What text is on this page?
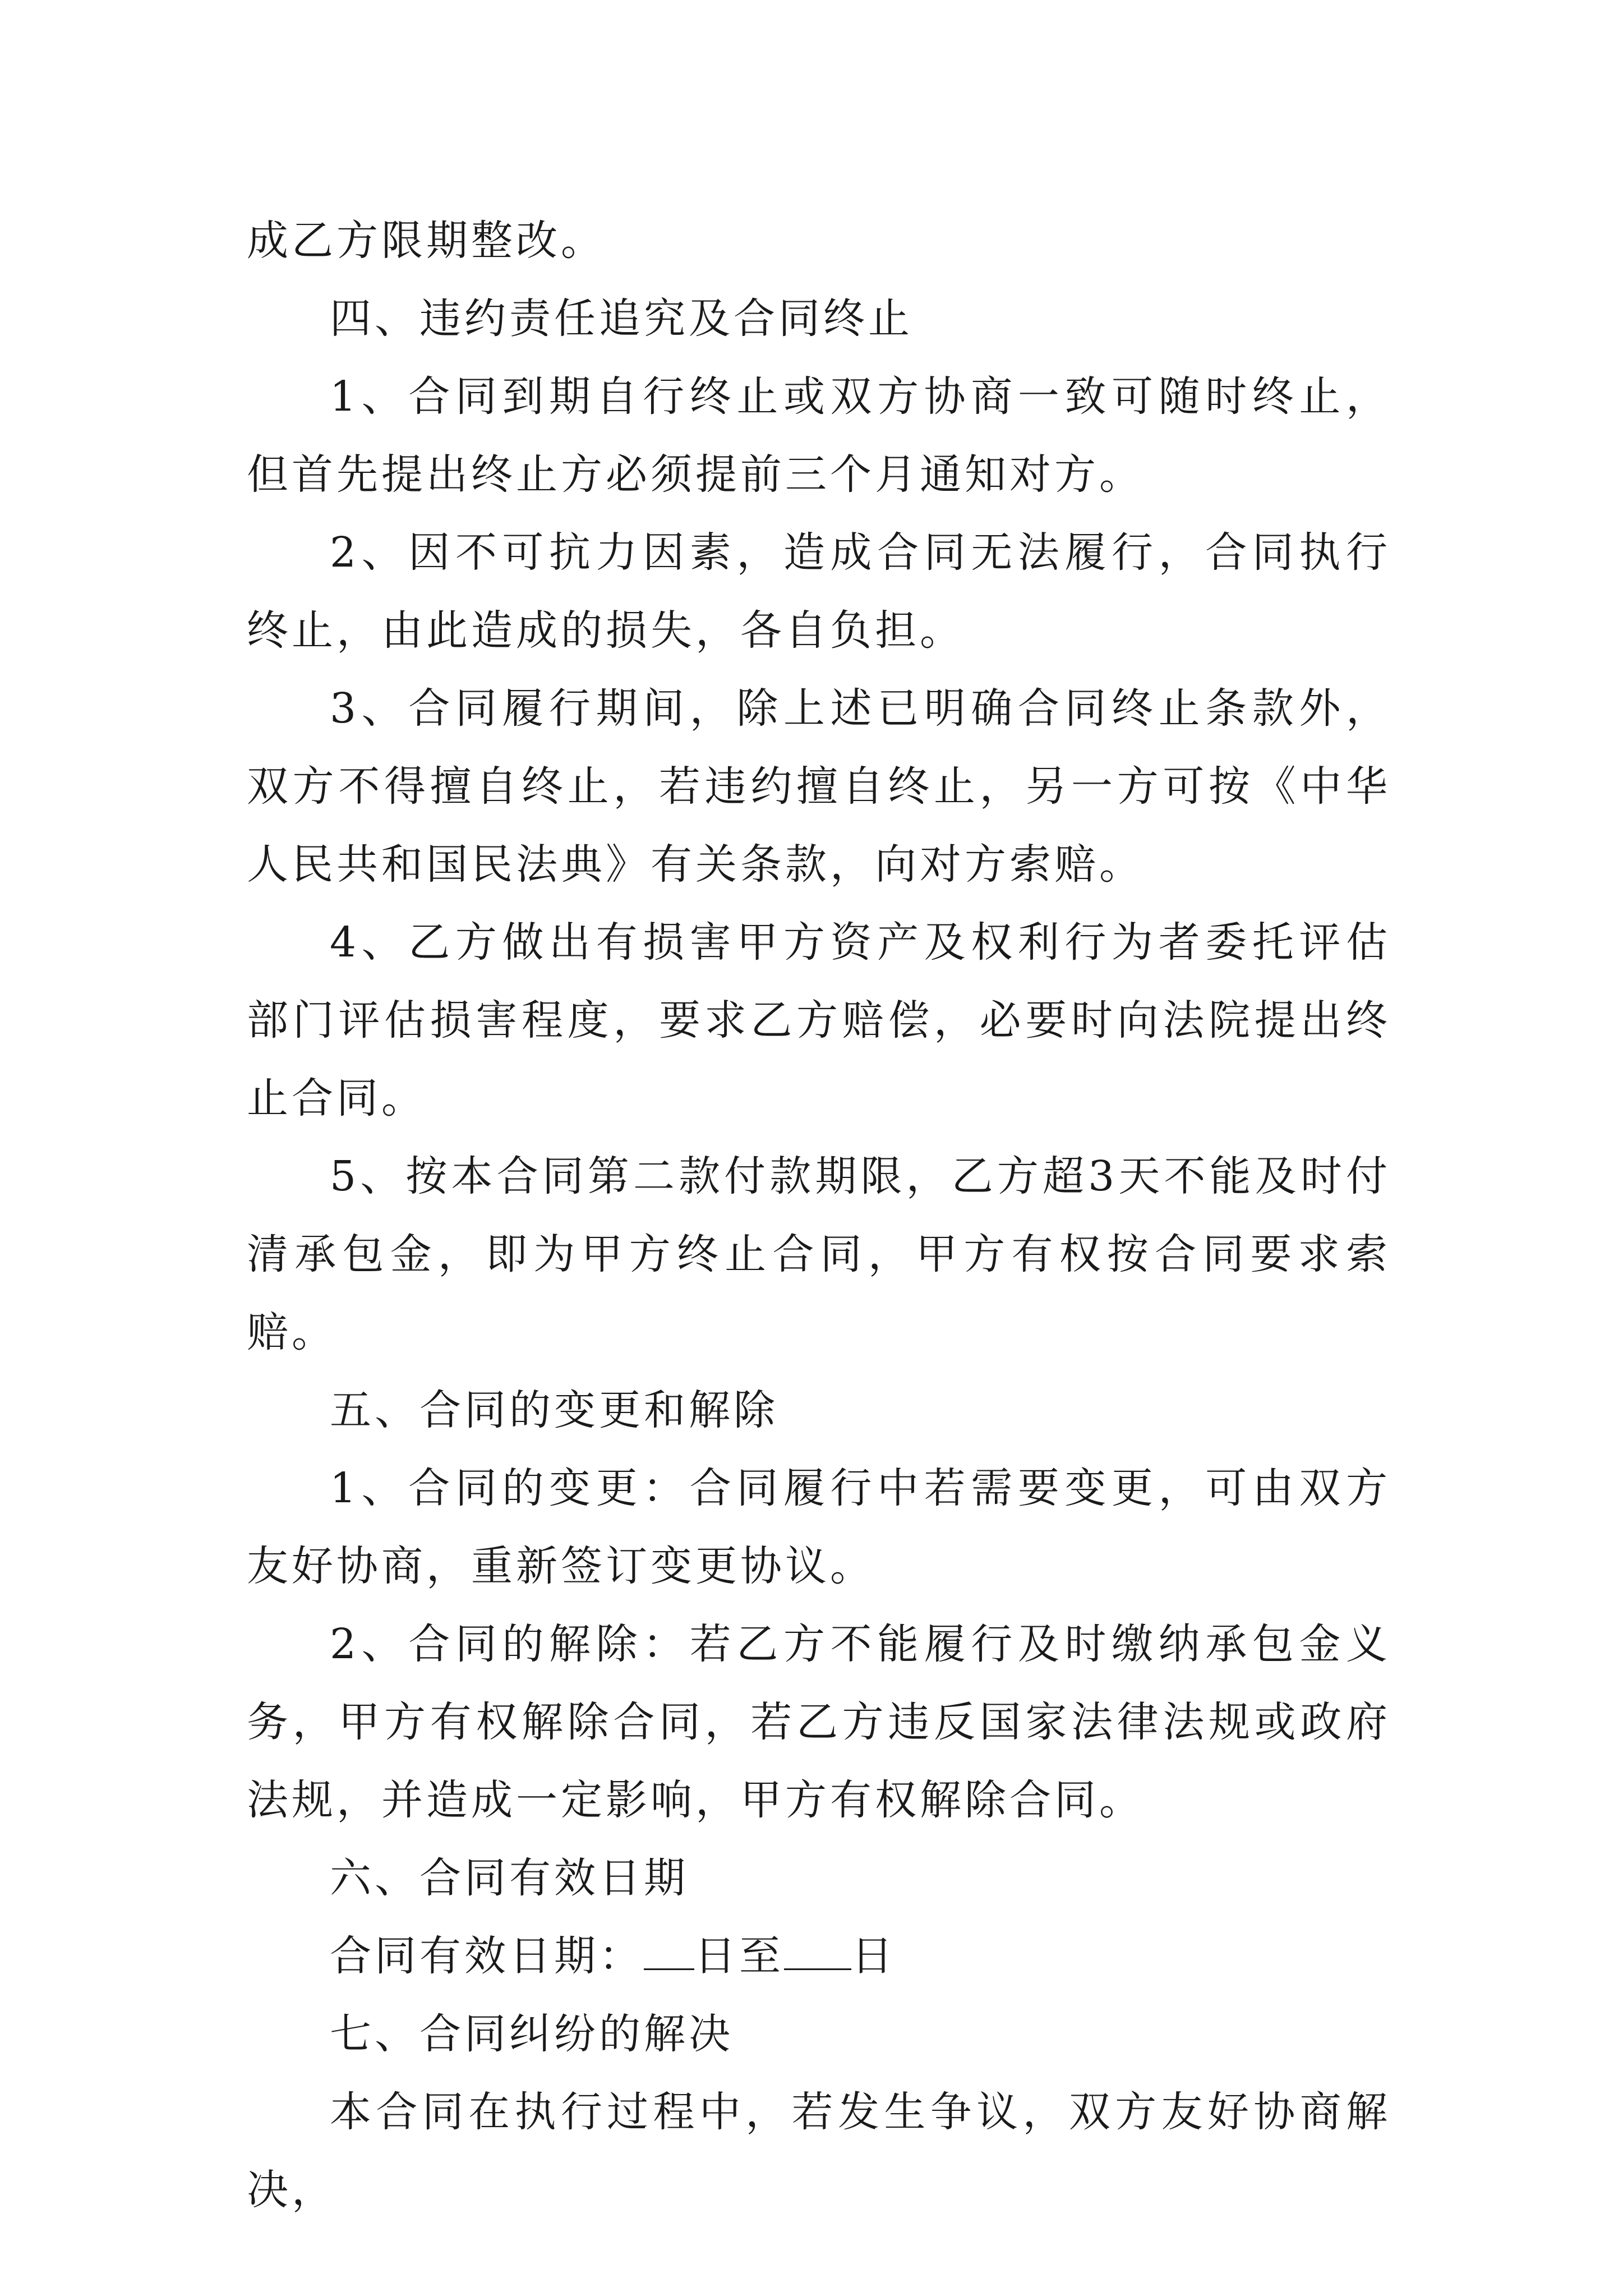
成乙方限期整改。

四、违约责任追究及合同终止

1、合同到期自行终止或双方协商一致可随时终止，但首先提出终止方必须提前三个月通知对方。

2、因不可抗力因素，造成合同无法履行，合同执行终止，由此造成的损失，各自负担。

3、合同履行期间，除上述已明确合同终止条款外，双方不得擅自终止，若违约擅自终止，另一方可按《中华人民共和国民法典》有关条款，向对方索赔。

4、乙方做出有损害甲方资产及权利行为者委托评估部门评估损害程度，要求乙方赔偿，必要时向法院提出终止合同。

5、按本合同第二款付款期限，乙方超3天不能及时付清承包金，即为甲方终止合同，甲方有权按合同要求索赔。

五、合同的变更和解除

1、合同的变更：合同履行中若需要变更，可由双方友好协商，重新签订变更协议。

2、合同的解除：若乙方不能履行及时缴纳承包金义务，甲方有权解除合同，若乙方违反国家法律法规或政府法规，并造成一定影响，甲方有权解除合同。

六、合同有效日期

合同有效日期： 日至 日

七、合同纠纷的解决

本合同在执行过程中，若发生争议，双方友好协商解决，
